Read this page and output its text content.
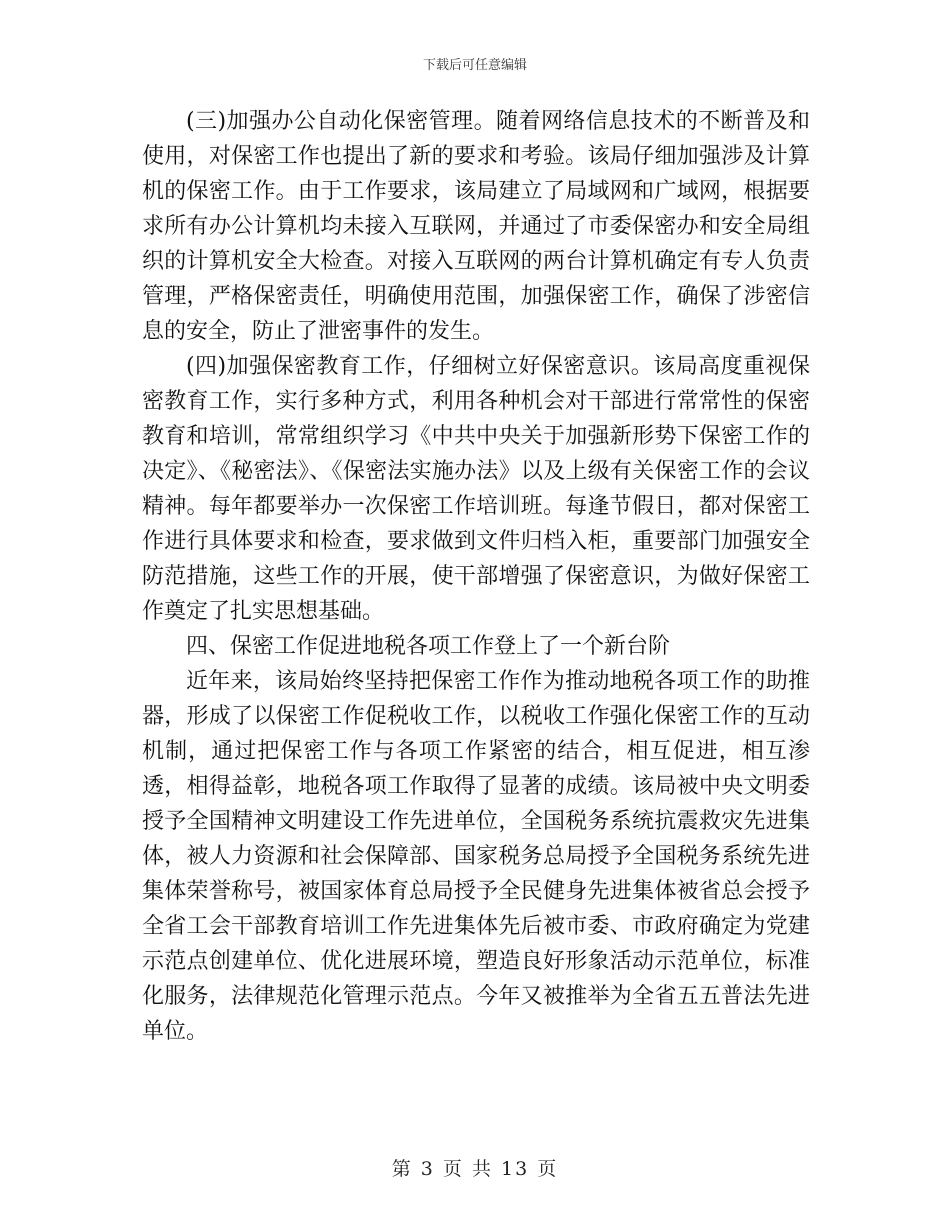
下载后可任意编辑

(三)加强办公自动化保密管理。随着网络信息技术的不断普及和使用，对保密工作也提出了新的要求和考验。该局仔细加强涉及计算机的保密工作。由于工作要求，该局建立了局域网和广域网，根据要求所有办公计算机均未接入互联网，并通过了市委保密办和安全局组织的计算机安全大检查。对接入互联网的两台计算机确定有专人负责管理，严格保密责任，明确使用范围，加强保密工作，确保了涉密信息的安全，防止了泄密事件的发生。

(四)加强保密教育工作，仔细树立好保密意识。该局高度重视保密教育工作，实行多种方式，利用各种机会对干部进行常常性的保密教育和培训，常常组织学习《中共中央关于加强新形势下保密工作的决定》、《秘密法》、《保密法实施办法》以及上级有关保密工作的会议精神。每年都要举办一次保密工作培训班。每逢节假日，都对保密工作进行具体要求和检查，要求做到文件归档入柜，重要部门加强安全防范措施，这些工作的开展，使干部增强了保密意识，为做好保密工作奠定了扎实思想基础。

四、保密工作促进地税各项工作登上了一个新台阶

近年来，该局始终坚持把保密工作作为推动地税各项工作的助推器，形成了以保密工作促税收工作，以税收工作强化保密工作的互动机制，通过把保密工作与各项工作紧密的结合，相互促进，相互渗透，相得益彰，地税各项工作取得了显著的成绩。该局被中央文明委授予全国精神文明建设工作先进单位，全国税务系统抗震救灾先进集体，被人力资源和社会保障部、国家税务总局授予全国税务系统先进集体荣誉称号，被国家体育总局授予全民健身先进集体被省总会授予全省工会干部教育培训工作先进集体先后被市委、市政府确定为党建示范点创建单位、优化进展环境，塑造良好形象活动示范单位，标准化服务，法律规范化管理示范点。今年又被推举为全省五五普法先进单位。

第 3 页 共 13 页
